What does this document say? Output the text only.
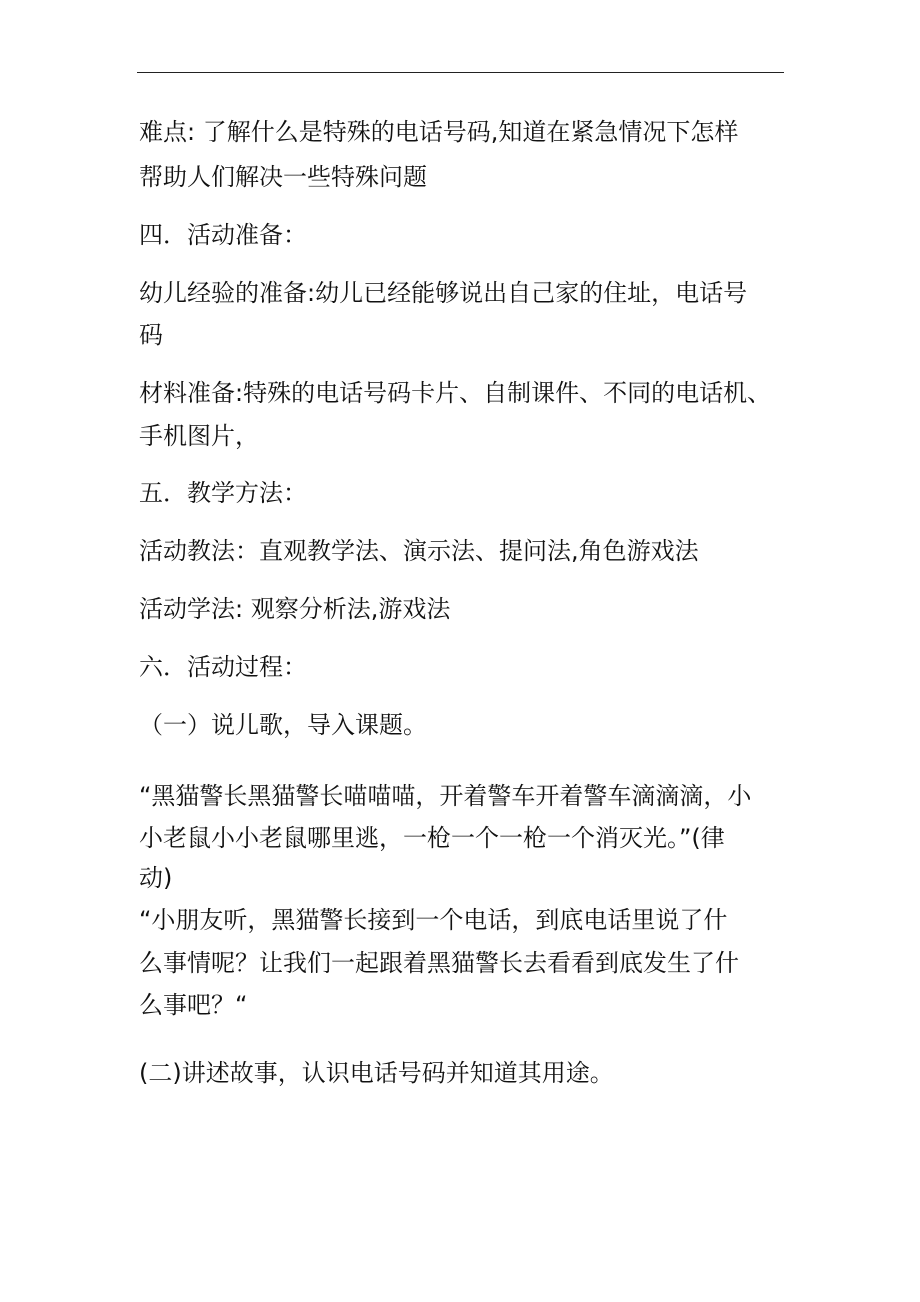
难点: 了解什么是特殊的电话号码,知道在紧急情况下怎样
帮助人们解决一些特殊问题
四．活动准备：
幼儿经验的准备:幼儿已经能够说出自己家的住址，电话号
码
材料准备:特殊的电话号码卡片、自制课件、不同的电话机、
手机图片，
五．教学方法：
活动教法：直观教学法、演示法、提问法,角色游戏法
活动学法: 观察分析法,游戏法
六．活动过程：
（一）说儿歌，导入课题。
“黑猫警长黑猫警长喵喵喵，开着警车开着警车滴滴滴，小
小老鼠小小老鼠哪里逃，一枪一个一枪一个消灭光。”(律
动)
“小朋友听，黑猫警长接到一个电话，到底电话里说了什
么事情呢？让我们一起跟着黑猫警长去看看到底发生了什
么事吧？“
(二)讲述故事，认识电话号码并知道其用途。
